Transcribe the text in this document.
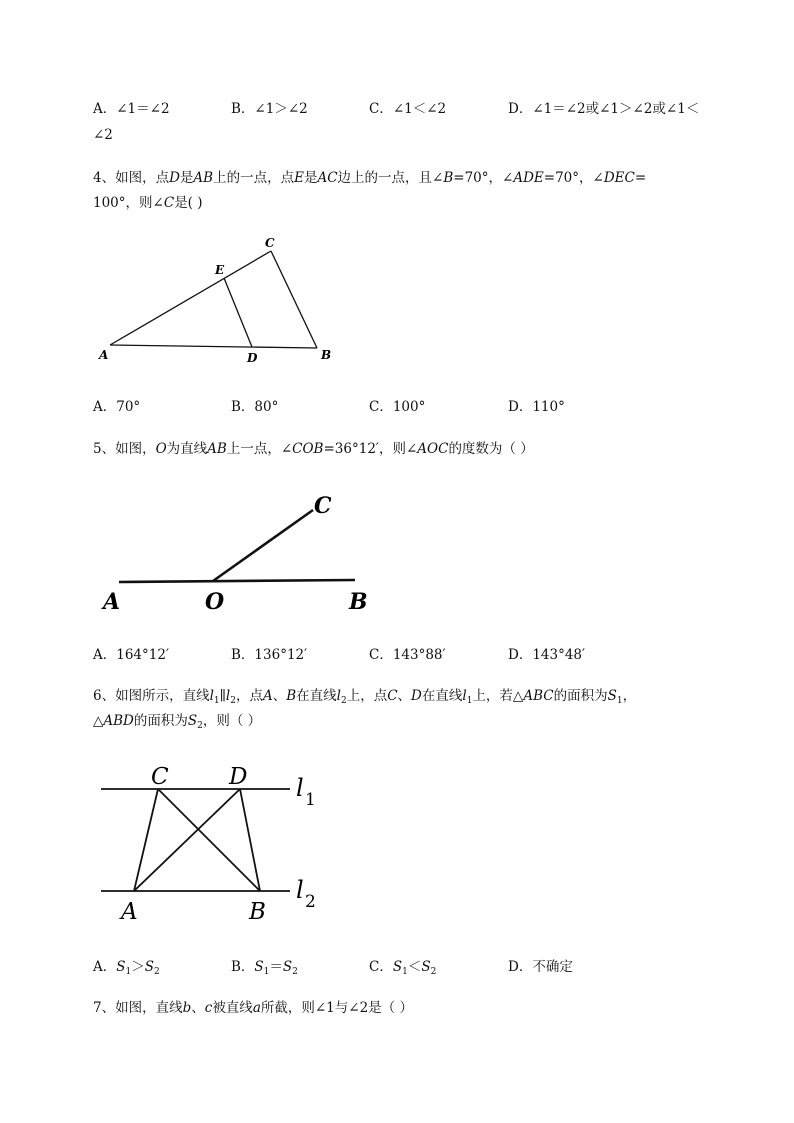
A．∠1＝∠2	B．∠1＞∠2	C．∠1＜∠2	D．∠1＝∠2或∠1＞∠2或∠1＜
∠2
4、如图，点D是AB上的一点，点E是AC边上的一点，且∠B=70°，∠ADE=70°，∠DEC=
100°，则∠C是( )
A	B
C
D
E
A．70°	B．80°	C．100°	D．110°
5、如图，O为直线AB上一点，∠COB=36°12′，则∠AOC的度数为（ ）
A	O	B
C
A．164°12′	B．136°12′	C．143°88′	D．143°48′
6、如图所示，直线$l_1\parallel l_2$，点A、B在直线$l_2$上，点C、D在直线$l_1$上，若△ABC的面积为$S_1$，
△ABD的面积为$S_2$，则（ ）
C	D
A	B
l 1
l 2
A．$S_1>S_2$	B．$S_1=S_2$	C．$S_1<S_2$	D．不确定
7、如图，直线b、c被直线a所截，则∠1与∠2是（ ）
